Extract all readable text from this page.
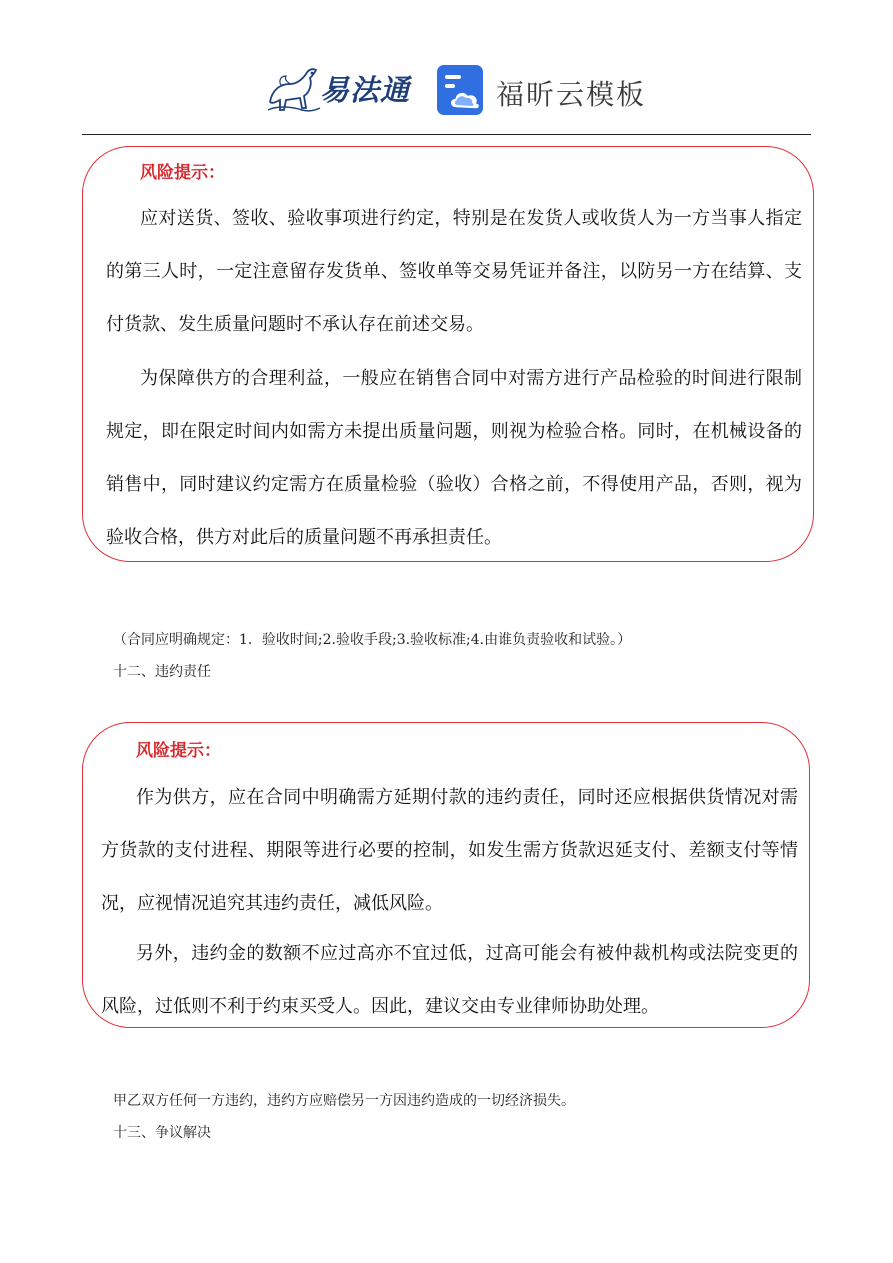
易法通	福昕云模板
风险提示：
应对送货、签收、验收事项进行约定，特别是在发货人或收货人为一方当事人指定的第三人时，一定注意留存发货单、签收单等交易凭证并备注，以防另一方在结算、支付货款、发生质量问题时不承认存在前述交易。
为保障供方的合理利益，一般应在销售合同中对需方进行产品检验的时间进行限制规定，即在限定时间内如需方未提出质量问题，则视为检验合格。同时，在机械设备的销售中，同时建议约定需方在质量检验（验收）合格之前，不得使用产品，否则，视为验收合格，供方对此后的质量问题不再承担责任。
（合同应明确规定：1．验收时间;2.验收手段;3.验收标准;4.由谁负责验收和试验。）
十二、违约责任
风险提示：
作为供方，应在合同中明确需方延期付款的违约责任，同时还应根据供货情况对需方货款的支付进程、期限等进行必要的控制，如发生需方货款迟延支付、差额支付等情况，应视情况追究其违约责任，减低风险。
另外，违约金的数额不应过高亦不宜过低，过高可能会有被仲裁机构或法院变更的风险，过低则不利于约束买受人。因此，建议交由专业律师协助处理。
甲乙双方任何一方违约，违约方应赔偿另一方因违约造成的一切经济损失。
十三、争议解决
